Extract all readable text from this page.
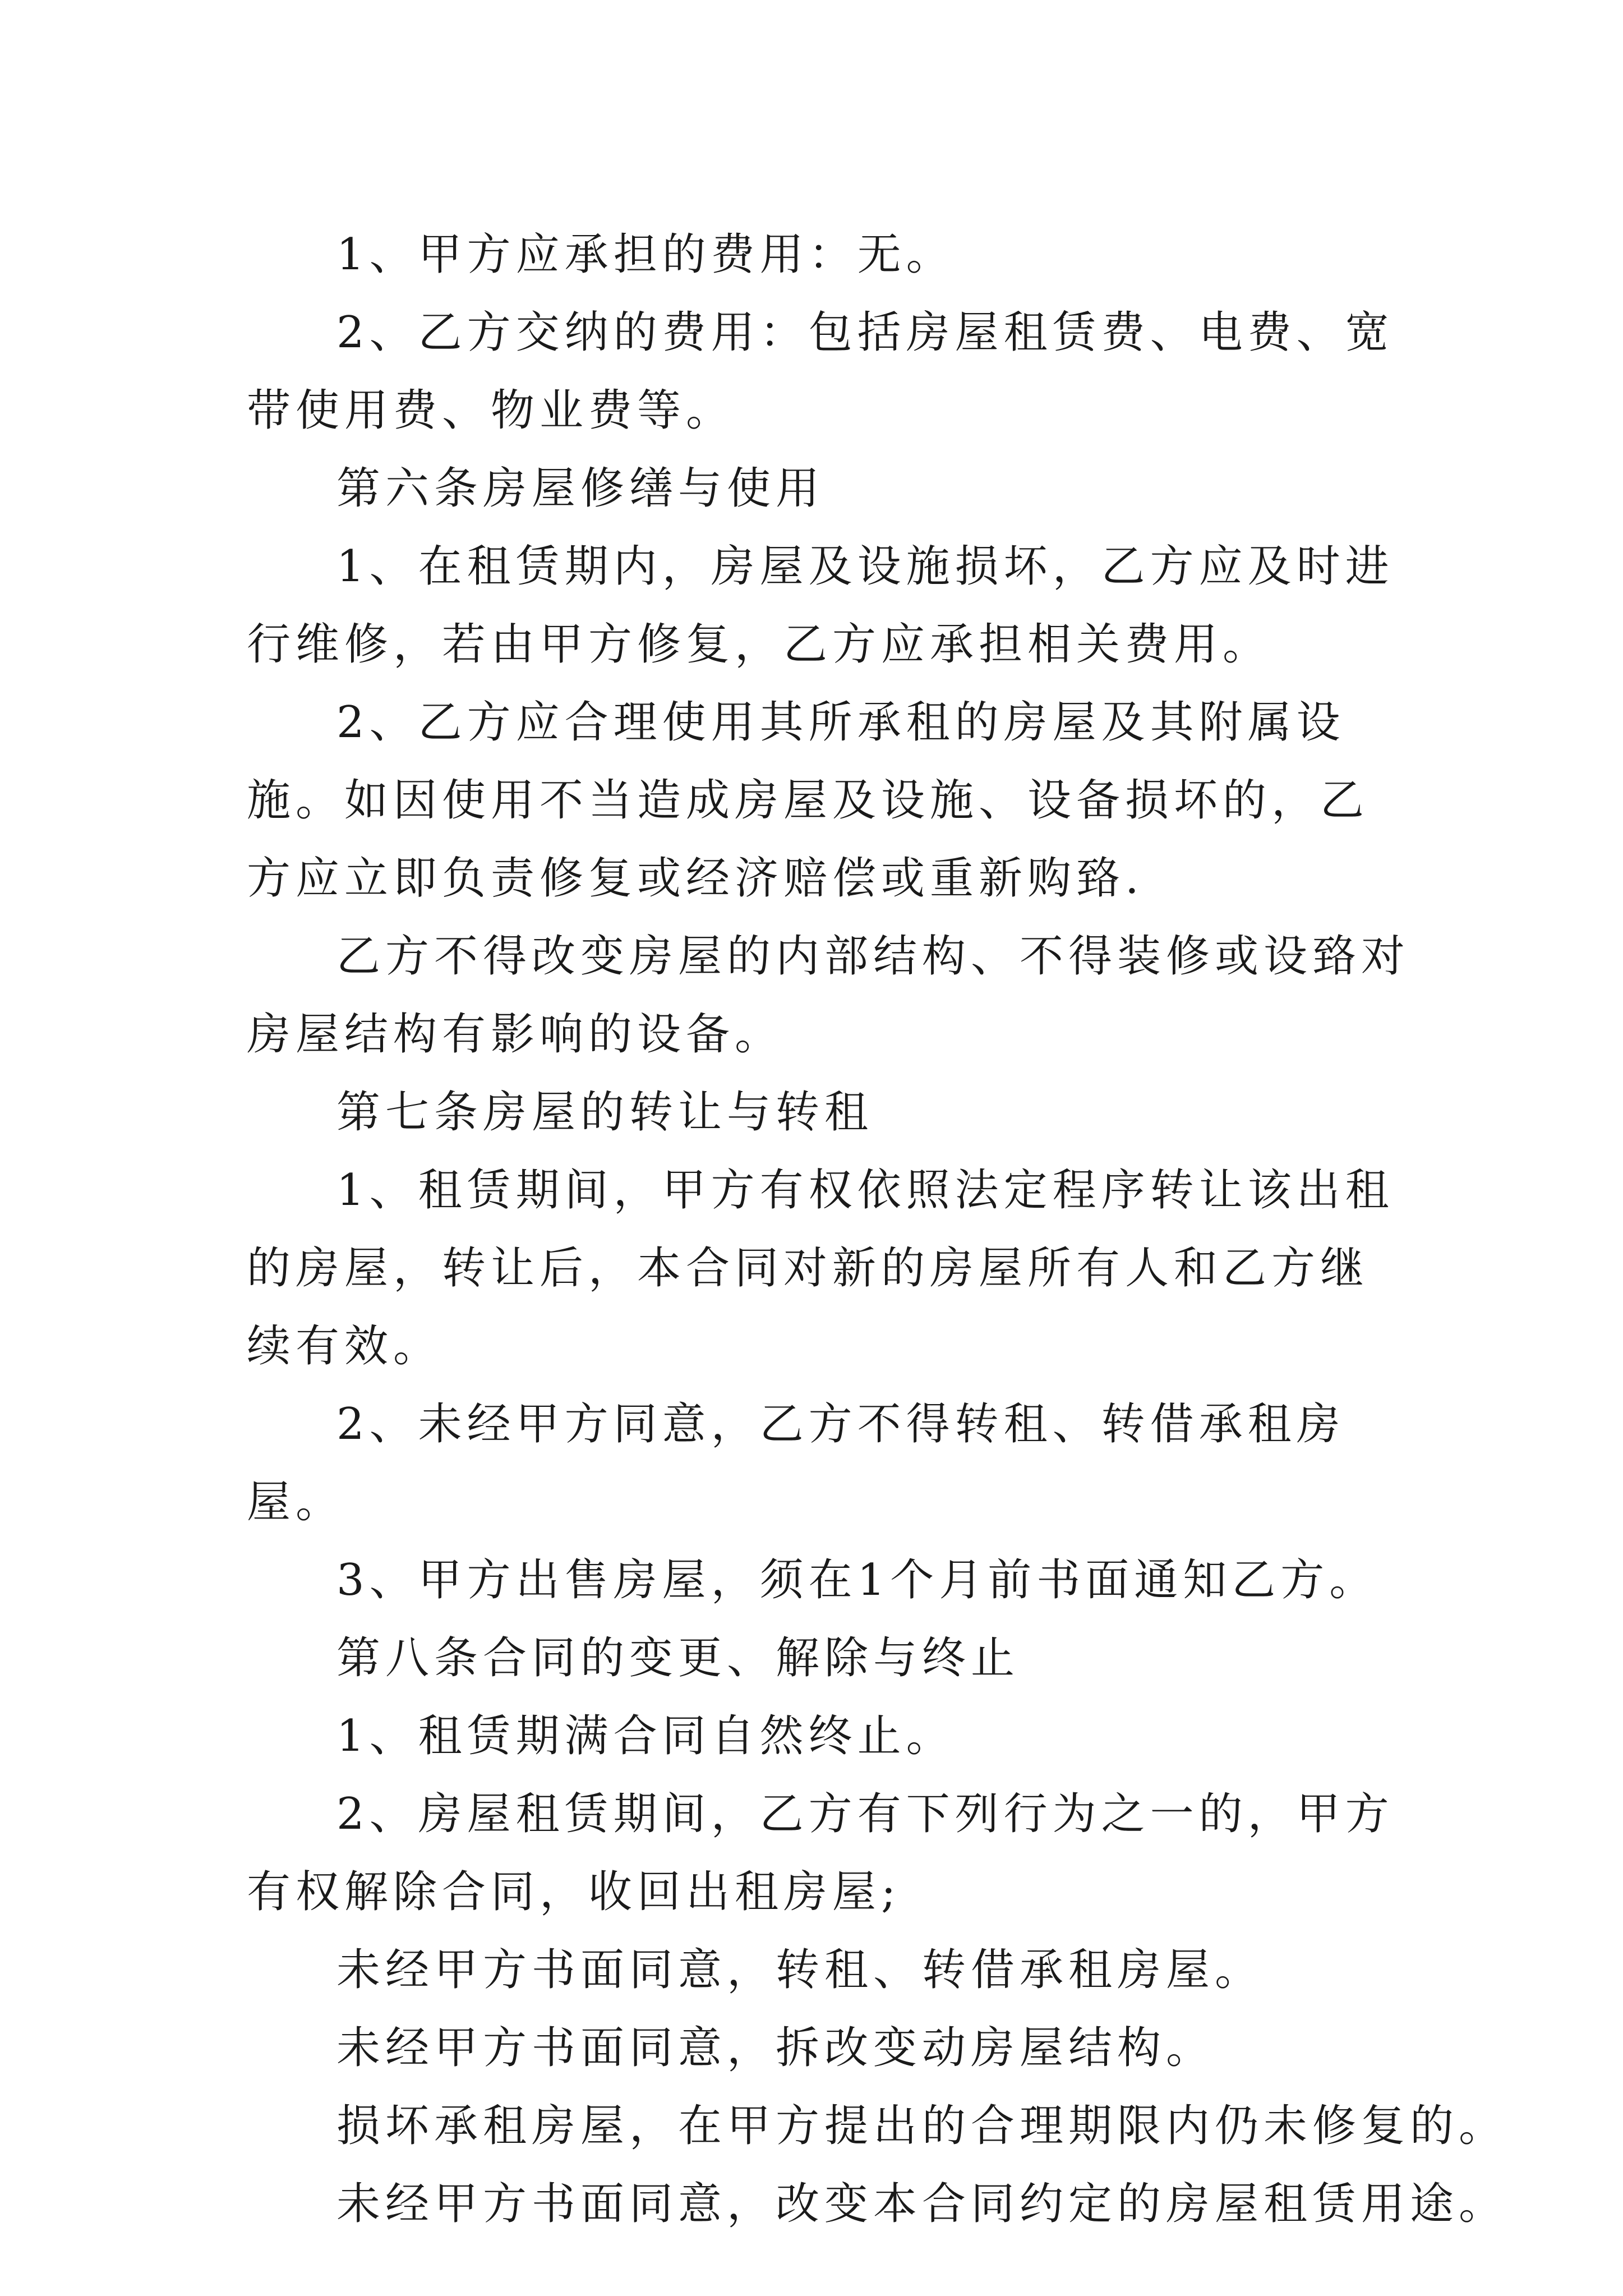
1、甲方应承担的费用：无。

2、乙方交纳的费用：包括房屋租赁费、电费、宽带使用费、物业费等。

第六条房屋修缮与使用

1、在租赁期内，房屋及设施损坏，乙方应及时进行维修，若由甲方修复，乙方应承担相关费用。

2、乙方应合理使用其所承租的房屋及其附属设施。如因使用不当造成房屋及设施、设备损坏的，乙方应立即负责修复或经济赔偿或重新购臵.

乙方不得改变房屋的内部结构、不得装修或设臵对房屋结构有影响的设备。

第七条房屋的转让与转租

1、租赁期间，甲方有权依照法定程序转让该出租的房屋，转让后，本合同对新的房屋所有人和乙方继续有效。

2、未经甲方同意，乙方不得转租、转借承租房屋。

3、甲方出售房屋，须在1个月前书面通知乙方。

第八条合同的变更、解除与终止

1、租赁期满合同自然终止。

2、房屋租赁期间，乙方有下列行为之一的，甲方有权解除合同，收回出租房屋;

未经甲方书面同意，转租、转借承租房屋。

未经甲方书面同意，拆改变动房屋结构。

损坏承租房屋，在甲方提出的合理期限内仍未修复的。

未经甲方书面同意，改变本合同约定的房屋租赁用途。
